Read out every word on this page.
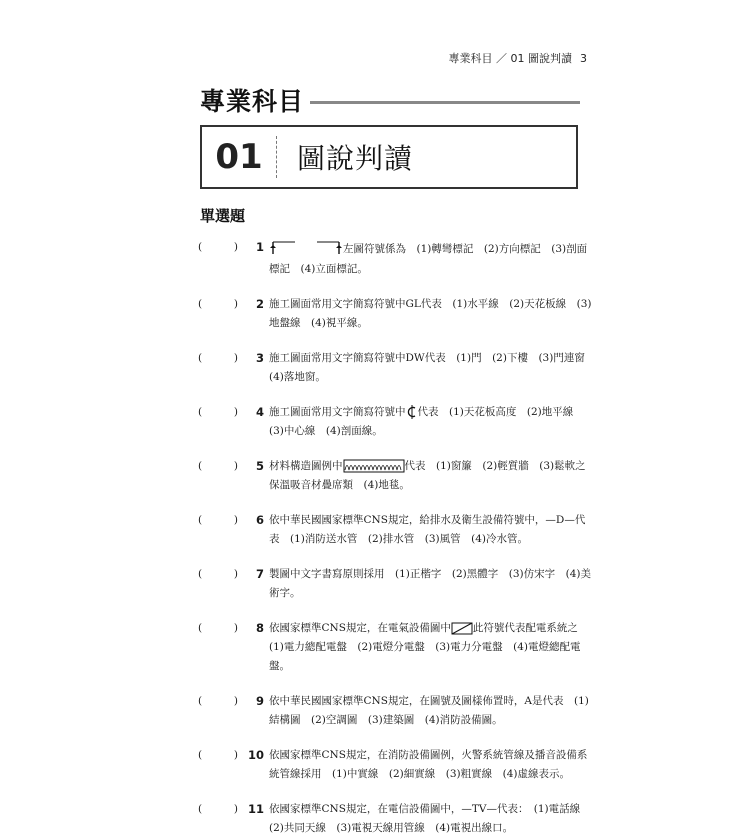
專業科目 ／ 01 圖說判讀 3
專業科目
01	圖說判讀
單選題
(	)	1	左圖符號係為　(1)轉彎標記　(2)方向標記　(3)剖面標記　(4)立面標記。
(	)	2 施工圖面常用文字簡寫符號中GL代表　(1)水平線　(2)天花板線　(3)地盤線　(4)視平線。
(	)	3 施工圖面常用文字簡寫符號中DW代表　(1)門　(2)下樓　(3)門連窗　(4)落地窗。
(	)	4 施工圖面常用文字簡寫符號中 代表　(1)天花板高度　(2)地平線　(3)中心線　(4)剖面線。
(	)	5 材料構造圖例中	代表　(1)窗簾　(2)輕質牆　(3)鬆軟之保溫吸音材疊席類　(4)地毯。
(	)	6 依中華民國國家標準CNS規定，給排水及衛生設備符號中，—D—代表　(1)消防送水管　(2)排水管　(3)風管　(4)冷水管。
(	)	7 製圖中文字書寫原則採用　(1)正楷字　(2)黑體字　(3)仿宋字　(4)美術字。
(	)	8 依國家標準CNS規定，在電氣設備圖中 此符號代表配電系統之　(1)電力總配電盤　(2)電燈分電盤　(3)電力分電盤　(4)電燈總配電盤。
(	)	9 依中華民國國家標準CNS規定，在圖號及圖樣佈置時，A是代表　(1)結構圖　(2)空調圖　(3)建築圖　(4)消防設備圖。
(	) 10 依國家標準CNS規定，在消防設備圖例，火警系統管線及播音設備系統管線採用　(1)中實線　(2)細實線　(3)粗實線　(4)虛線表示。
(	) 11 依國家標準CNS規定，在電信設備圖中，—TV—代表：　(1)電話線(2)共同天線　(3)電視天線用管線　(4)電視出線口。
